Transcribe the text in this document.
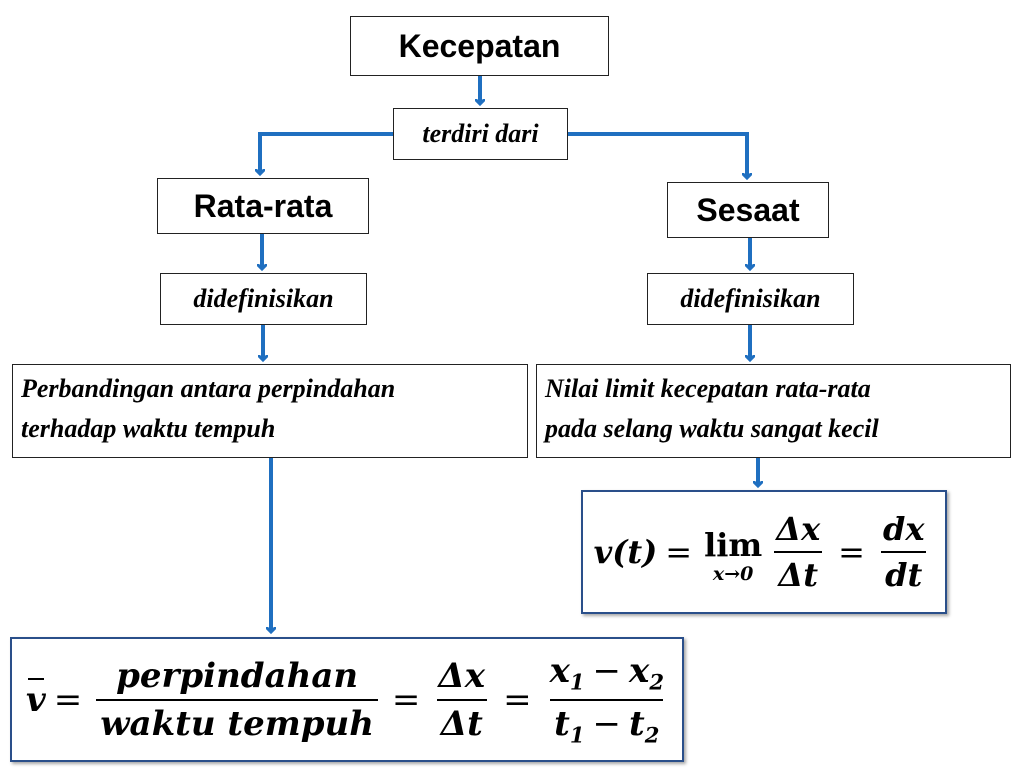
Kecepatan
terdiri dari
Rata-rata	Sesaat
didefinisikan	didefinisikan
Perbandingan antara perpindahan
terhadap waktu tempuh
Nilai limit kecepatan rata-rata
pada selang waktu sangat kecil
$v = \frac{\text{perpindahan}}{\text{waktu tempuh}} = \frac{\Delta x}{\Delta t} = \frac{x_1 - x_2}{t_1 - t_2}$
v(t) = lim
$x\to 0 \frac{\Delta x}{\Delta t} = \frac{dx}{dt}$
